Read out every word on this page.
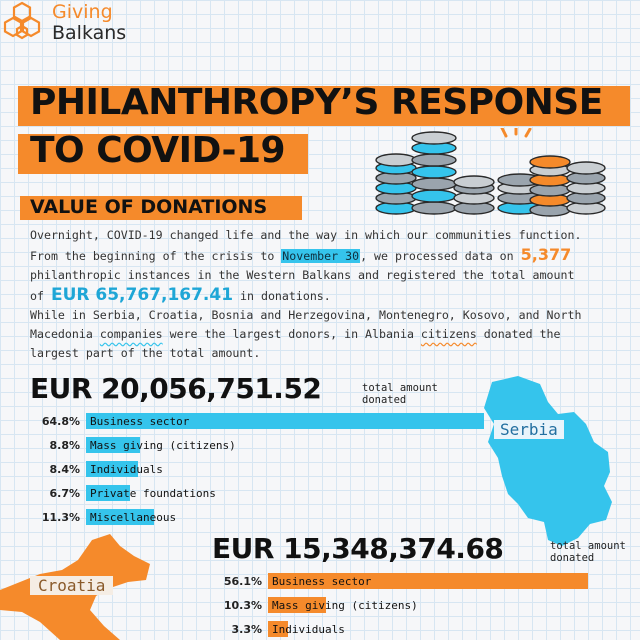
Giving
Balkans
PHILANTHROPY’S RESPONSE
TO COVID-19
VALUE OF DONATIONS
Overnight, COVID-19 changed life and the way in which our communities function.
From the beginning of the crisis to November 30, we processed data on 5,377
philanthropic instances in the Western Balkans and registered the total amount
of EUR 65,767,167.41 in donations.
While in Serbia, Croatia, Bosnia and Herzegovina, Montenegro, Kosovo, and North
Macedonia companies were the largest donors, in Albania citizens donated the
largest part of the total amount.
Serbia
EUR 20,056,751.52	total amount
donated
64.8% Business sector
8.8% Mass giving (citizens)
8.4% Individuals
6.7% Private foundations
11.3% Miscellaneous
Croatia
EUR 15,348,374.68	total amount
donated
56.1% Business sector
10.3% Mass giving (citizens)
3.3% Individuals
